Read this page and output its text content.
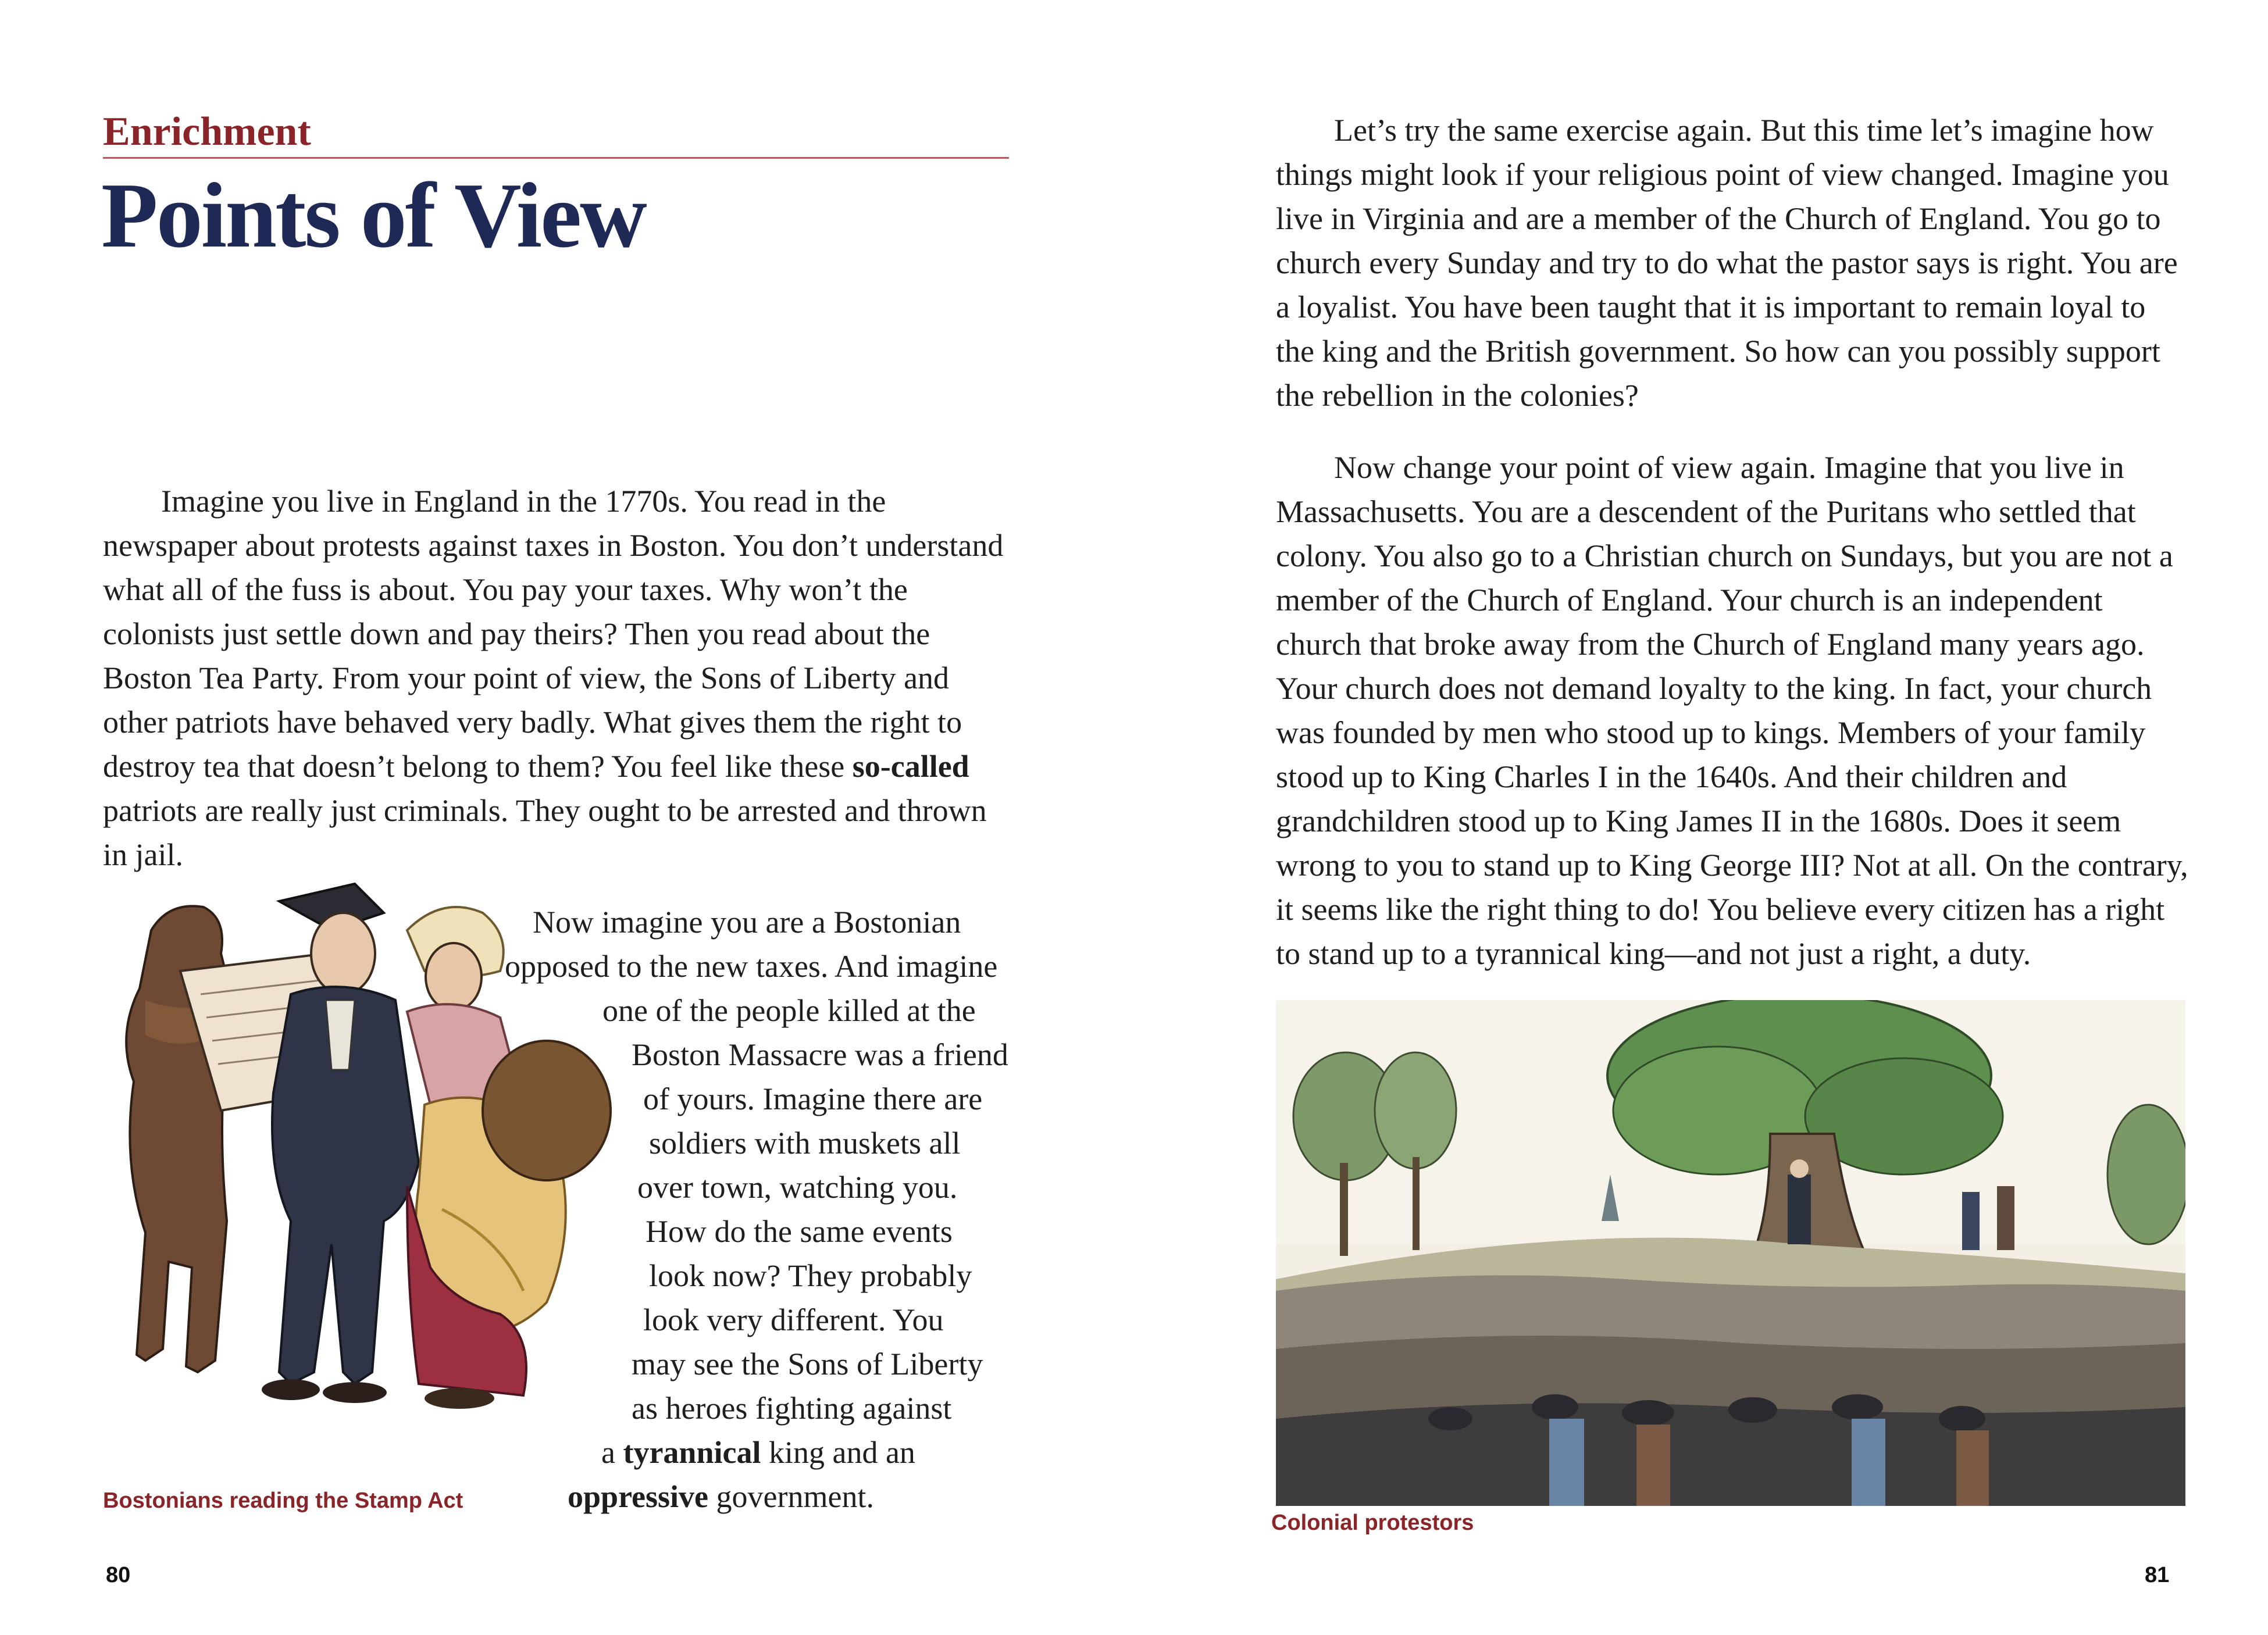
Enrichment
Points of View

Imagine you live in England in the 1770s. You read in the newspaper about protests against taxes in Boston. You don’t understand what all of the fuss is about. You pay your taxes. Why won’t the colonists just settle down and pay theirs? Then you read about the Boston Tea Party. From your point of view, the Sons of Liberty and other patriots have behaved very badly. What gives them the right to destroy tea that doesn’t belong to them? You feel like these so-called patriots are really just criminals. They ought to be arrested and thrown in jail.

Now imagine you are a Bostonian
opposed to the new taxes. And imagine
one of the people killed at the
Boston Massacre was a friend
of yours. Imagine there are
soldiers with muskets all
over town, watching you.
How do the same events
look now? They probably
look very different. You
may see the Sons of Liberty
as heroes fighting against
a tyrannical king and an
oppressive government.
Bostonians reading the Stamp Act
80

Let’s try the same exercise again. But this time let’s imagine how things might look if your religious point of view changed. Imagine you live in Virginia and are a member of the Church of England. You go to church every Sunday and try to do what the pastor says is right. You are a loyalist. You have been taught that it is important to remain loyal to the king and the British government. So how can you possibly support the rebellion in the colonies?

Now change your point of view again. Imagine that you live in Massachusetts. You are a descendent of the Puritans who settled that colony. You also go to a Christian church on Sundays, but you are not a member of the Church of England. Your church is an independent church that broke away from the Church of England many years ago. Your church does not demand loyalty to the king. In fact, your church was founded by men who stood up to kings. Members of your family stood up to King Charles I in the 1640s. And their children and grandchildren stood up to King James II in the 1680s. Does it seem wrong to you to stand up to King George III? Not at all. On the contrary, it seems like the right thing to do! You believe every citizen has a right to stand up to a tyrannical king—and not just a right, a duty.

Colonial protestors
81
